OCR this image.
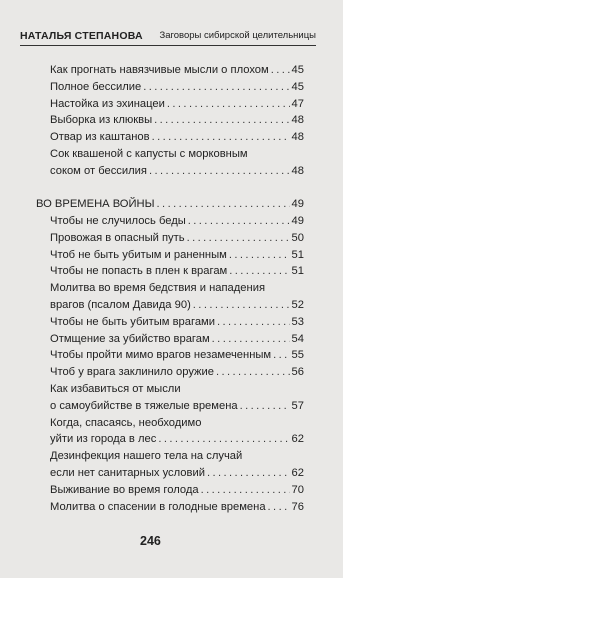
НАТАЛЬЯ СТЕПАНОВА Заговоры сибирской целительницы
Как прогнать навязчивые мысли о плохом ..... 45
Полное бессилие .....	45
Настойка из эхинацеи .....	47
Выборка из клюквы .....	48
Отвар из каштанов .....	48
Сок квашеной с капусты с морковным
соком от бессилия .....	48
ВО ВРЕМЕНА ВОЙНЫ .....	49
Чтобы не случилось беды .....	49
Провожая в опасный путь .....	50
Чтоб не быть убитым и раненным .....	51
Чтобы не попасть в плен к врагам .....	51
Молитва во время бедствия и нападения
врагов (псалом Давида 90) .....	52
Чтобы не быть убитым врагами .....	53
Отмщение за убийство врагам .....	54
Чтобы пройти мимо врагов незамеченным ..... 55
Чтоб у врага заклинило оружие .....	56
Как избавиться от мысли
о самоубийстве в тяжелые времена .....	57
Когда, спасаясь, необходимо
уйти из города в лес .....	62
Дезинфекция нашего тела на случай
если нет санитарных условий .....	62
Выживание во время голода .....	70
Молитва о спасении в голодные времена ..... 76
246
